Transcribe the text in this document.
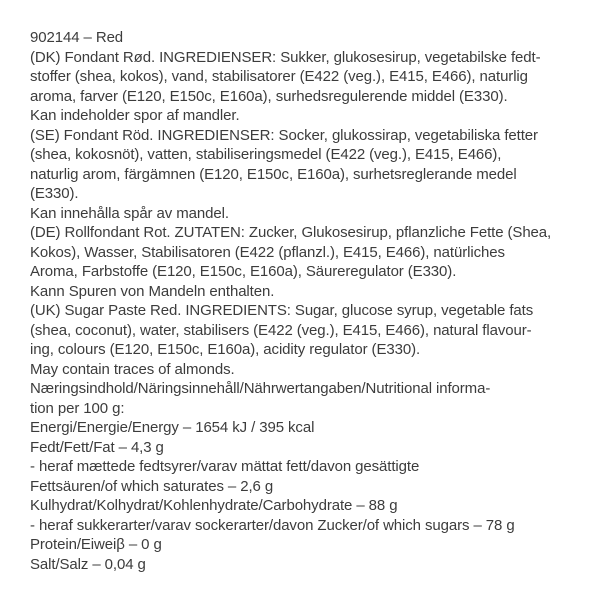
902144 – Red
(DK) Fondant Rød. INGREDIENSER: Sukker, glukosesirup, vegetabilske fedt-
stoffer (shea, kokos), vand, stabilisatorer (E422 (veg.), E415, E466), naturlig
aroma, farver (E120, E150c, E160a), surhedsregulerende middel (E330).
Kan indeholder spor af mandler.
(SE) Fondant Röd. INGREDIENSER: Socker, glukossirap, vegetabiliska fetter
(shea, kokosnöt), vatten, stabiliseringsmedel (E422 (veg.), E415, E466),
naturlig arom, färgämnen (E120, E150c, E160a), surhetsreglerande medel
(E330).
Kan innehålla spår av mandel.
(DE) Rollfondant Rot. ZUTATEN: Zucker, Glukosesirup, pflanzliche Fette (Shea,
Kokos), Wasser, Stabilisatoren (E422 (pflanzl.), E415, E466), natürliches
Aroma, Farbstoffe (E120, E150c, E160a), Säureregulator (E330).
Kann Spuren von Mandeln enthalten.
(UK) Sugar Paste Red. INGREDIENTS: Sugar, glucose syrup, vegetable fats
(shea, coconut), water, stabilisers (E422 (veg.), E415, E466), natural flavour-
ing, colours (E120, E150c, E160a), acidity regulator (E330).
May contain traces of almonds.
Næringsindhold/Näringsinnehåll/Nährwertangaben/Nutritional informa-
tion per 100 g:
Energi/Energie/Energy – 1654 kJ / 395 kcal
Fedt/Fett/Fat – 4,3 g
- heraf mættede fedtsyrer/varav mättat fett/davon gesättigte
Fettsäuren/of which saturates – 2,6 g
Kulhydrat/Kolhydrat/Kohlenhydrate/Carbohydrate – 88 g
- heraf sukkerarter/varav sockerarter/davon Zucker/of which sugars – 78 g
Protein/Eiweiβ – 0 g
Salt/Salz – 0,04 g
